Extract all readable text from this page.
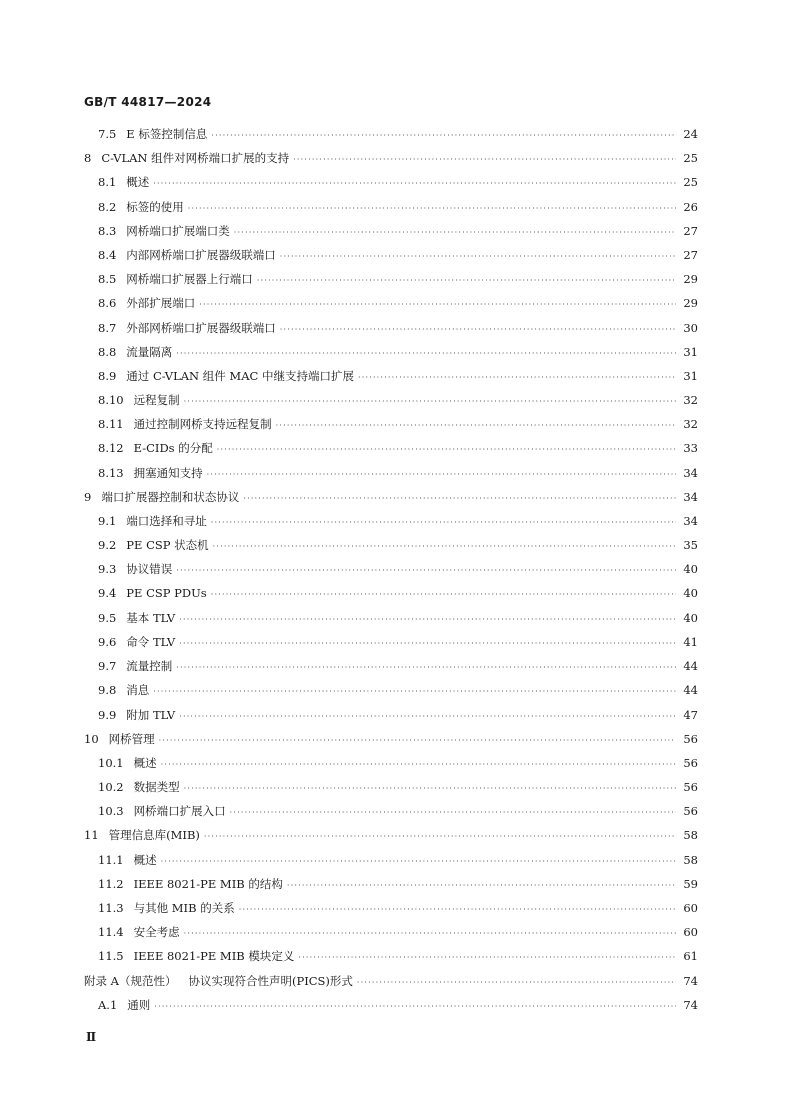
GB/T 44817—2024
7.5 E 标签控制信息 ·····	24
8 C-VLAN 组件对网桥端口扩展的支持 ·····	25
8.1 概述 ·····	25
8.2 标签的使用 ·····	26
8.3 网桥端口扩展端口类 ·····	27
8.4 内部网桥端口扩展器级联端口 ·····	27
8.5 网桥端口扩展器上行端口 ·····	29
8.6 外部扩展端口 ·····	29
8.7 外部网桥端口扩展器级联端口 ·····	30
8.8 流量隔离 ·····	31
8.9 通过 C-VLAN 组件 MAC 中继支持端口扩展 ·····	31
8.10 远程复制 ·····	32
8.11 通过控制网桥支持远程复制 ·····	32
8.12 E-CIDs 的分配 ·····	33
8.13 拥塞通知支持 ·····	34
9 端口扩展器控制和状态协议 ·····	34
9.1 端口选择和寻址 ·····	34
9.2 PE CSP 状态机 ·····	35
9.3 协议错误 ·····	40
9.4 PE CSP PDUs ·····	40
9.5 基本 TLV ·····	40
9.6 命令 TLV ·····	41
9.7 流量控制 ·····	44
9.8 消息 ·····	44
9.9 附加 TLV ·····	47
10 网桥管理 ·····	56
10.1 概述 ·····	56
10.2 数据类型 ·····	56
10.3 网桥端口扩展入口 ·····	56
11 管理信息库(MIB) ·····	58
11.1 概述 ·····	58
11.2 IEEE 8021-PE MIB 的结构 ·····	59
11.3 与其他 MIB 的关系 ·····	60
11.4 安全考虑 ·····	60
11.5 IEEE 8021-PE MIB 模块定义 ·····	61
附录 A（规范性） 协议实现符合性声明(PICS)形式 ·····	74
A.1 通则 ·····	74
Ⅱ
